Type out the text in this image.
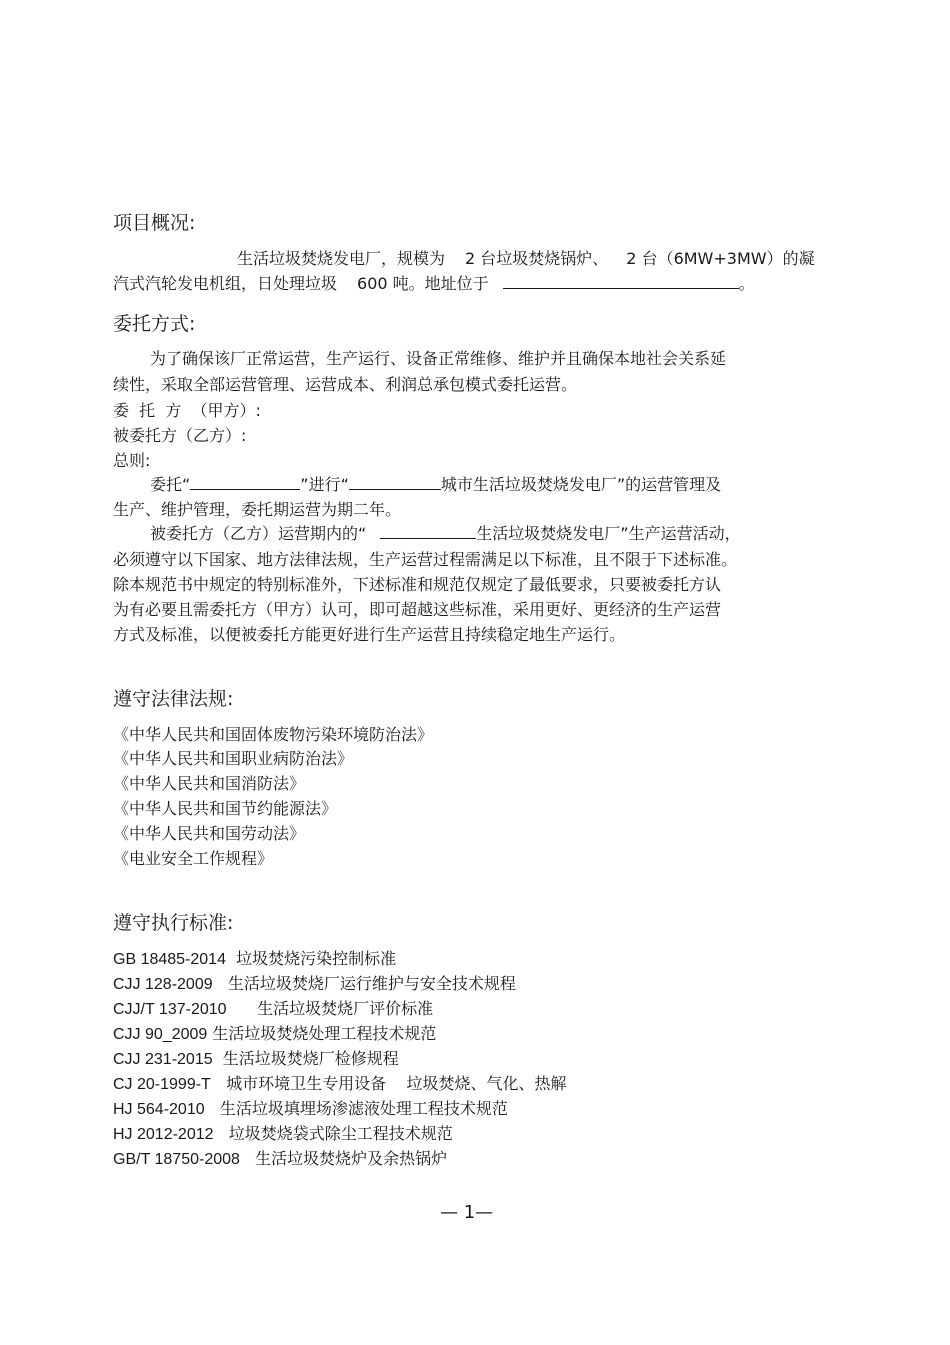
项目概况:
生活垃圾焚烧发电厂，规模为 2 台垃圾焚烧锅炉、 2 台（6MW+3MW）的凝
汽式汽轮发电机组，日处理垃圾 600 吨。地址位于	。
委托方式:
为了确保该厂正常运营，生产运行、设备正常维修、维护并且确保本地社会关系延
续性，采取全部运营管理、运营成本、利润总承包模式委托运营。
委  托  方  （甲方）:
被委托方（乙方）:
总则:
委托“	”进行“	城市生活垃圾焚烧发电厂”的运营管理及
生产、维护管理，委托期运营为期二年。
被委托方（乙方）运营期内的“	生活垃圾焚烧发电厂”生产运营活动，
必须遵守以下国家、地方法律法规，生产运营过程需满足以下标准，且不限于下述标准。
除本规范书中规定的特别标准外，下述标准和规范仅规定了最低要求，只要被委托方认
为有必要且需委托方（甲方）认可，即可超越这些标准，采用更好、更经济的生产运营
方式及标准，以便被委托方能更好进行生产运营且持续稳定地生产运行。
遵守法律法规:
《中华人民共和国固体废物污染环境防治法》
《中华人民共和国职业病防治法》
《中华人民共和国消防法》
《中华人民共和国节约能源法》
《中华人民共和国劳动法》
《电业安全工作规程》
遵守执行标准:
GB 18485-2014 垃圾焚烧污染控制标准
CJJ 128-2009 生活垃圾焚烧厂运行维护与安全技术规程
CJJ/T 137-2010 生活垃圾焚烧厂评价标准
CJJ 90_2009 生活垃圾焚烧处理工程技术规范
CJJ 231-2015 生活垃圾焚烧厂检修规程
CJ 20-1999-T 城市环境卫生专用设备    垃圾焚烧、气化、热解
HJ 564-2010 生活垃圾填埋场渗滤液处理工程技术规范
HJ 2012-2012 垃圾焚烧袋式除尘工程技术规范
GB/T 18750-2008 生活垃圾焚烧炉及余热锅炉
— 1—
